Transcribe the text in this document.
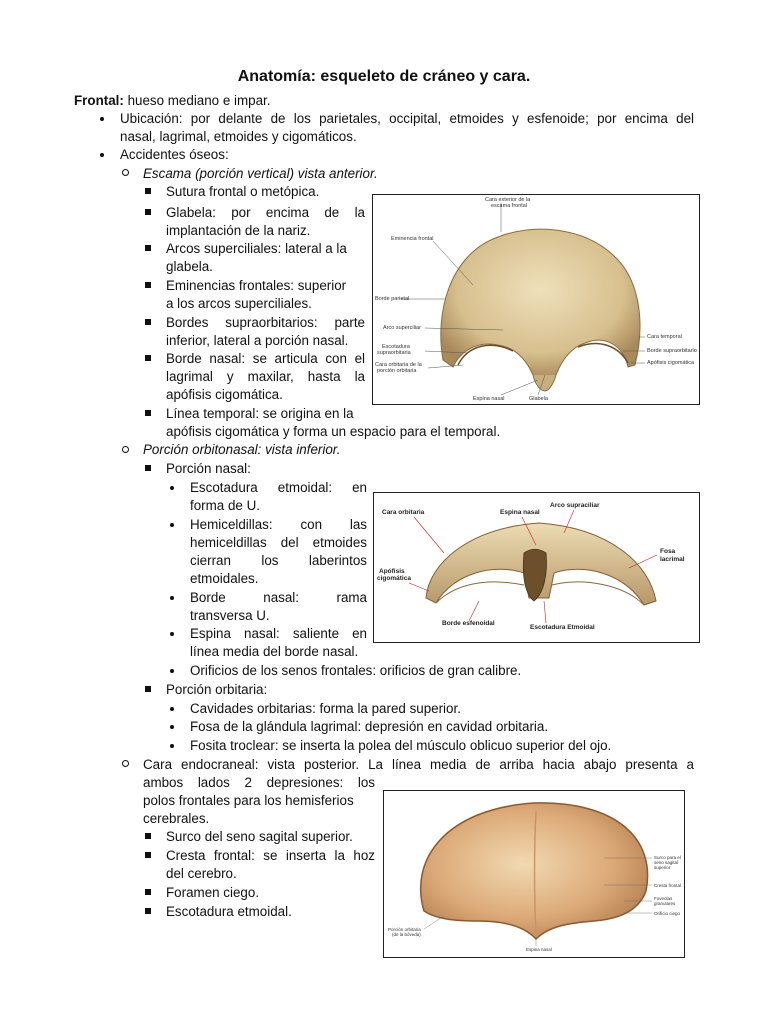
Anatomía: esqueleto de cráneo y cara.
Frontal: hueso mediano e impar.
Ubicación: por delante de los parietales, occipital, etmoides y esfenoide; por encima del
nasal, lagrimal, etmoides y cigomáticos.
Accidentes óseos:
Escama (porción vertical) vista anterior.
Sutura frontal o metópica.
Glabela: por encima de la
implantación de la nariz.
Arcos superciliales: lateral a la
glabela.
Eminencias frontales: superior
a los arcos superciliales.
Bordes supraorbitarios: parte
inferior, lateral a porción nasal.
Borde nasal: se articula con el
lagrimal y maxilar, hasta la
apófisis cigomática.
Línea temporal: se origina en la
apófisis cigomática y forma un espacio para el temporal.
Cara exterior de la
escama frontal
Eminencia frontal
Borde parietal
Arco superciliar
Escotadura
supraorbitaria
Cara orbitaria de la
porción orbitaria
Espina nasal	Glabela
Cara temporal
Borde supraorbitario
Apófisis cigomática
Porción orbitonasal: vista inferior.
Porción nasal:
Escotadura etmoidal: en
forma de U.
Hemiceldillas: con las
hemiceldillas del etmoides
cierran los laberintos
etmoidales.
Borde nasal: rama
transversa U.
Espina nasal: saliente en
línea media del borde nasal.
Orificios de los senos frontales: orificios de gran calibre.
Cara orbitaria	Espina nasal
Arco supraciliar
Fosa
lacrimal
Apófisis
cigomática
Borde esfenoidal
Escotadura Etmoidal
Porción orbitaria:
Cavidades orbitarias: forma la pared superior.
Fosa de la glándula lagrimal: depresión en cavidad orbitaria.
Fosita troclear: se inserta la polea del músculo oblicuo superior del ojo.
Cara endocraneal: vista posterior. La línea media de arriba hacia abajo presenta a
ambos lados 2 depresiones: los
polos frontales para los hemisferios
cerebrales.
Surco del seno sagital superior.
Cresta frontal: se inserta la hoz
del cerebro.
Foramen ciego.
Escotadura etmoidal.
Surco para el
seno sagital
superior
Cresta frontal
Foveolas
granulares
Orificio ciego
Porción orbitaria
(de la bóveda)
Espina nasal
